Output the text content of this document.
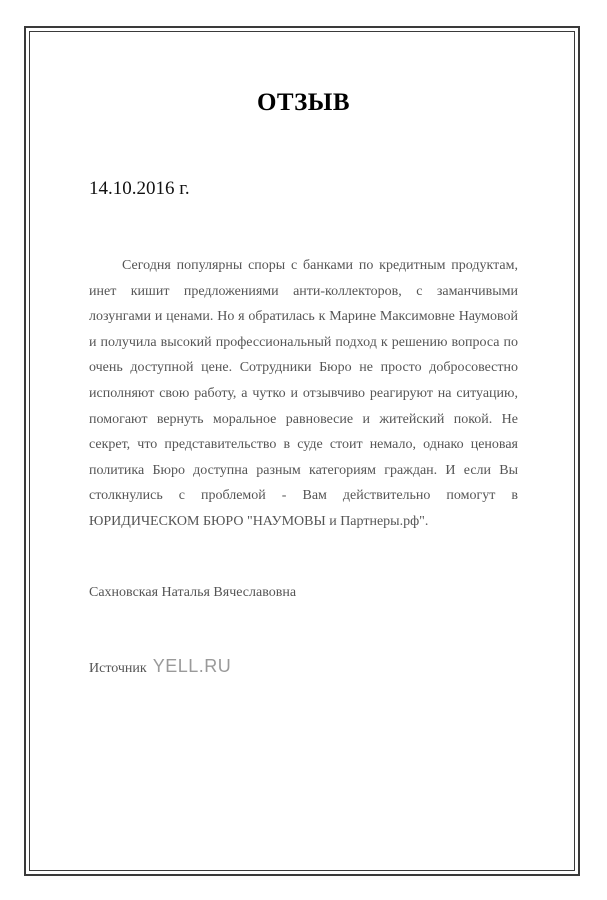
ОТЗЫВ
14.10.2016 г.

Сегодня популярны споры с банками по кредитным продуктам, инет кишит предложениями анти-коллекторов, с заманчивыми лозунгами и ценами. Но я обратилась к Марине Максимовне Наумовой и получила высокий профессиональный подход к решению вопроса по очень доступной цене. Сотрудники Бюро не просто добросовестно исполняют свою работу, а чутко и отзывчиво реагируют на ситуацию, помогают вернуть моральное равновесие и житейский покой. Не секрет, что представительство в суде стоит немало, однако ценовая политика Бюро доступна разным категориям граждан. И если Вы столкнулись с проблемой - Вам действительно помогут в ЮРИДИЧЕСКОМ БЮРО "НАУМОВЫ и Партнеры.рф".

Сахновская Наталья Вячеславовна
Источник YELL.RU
